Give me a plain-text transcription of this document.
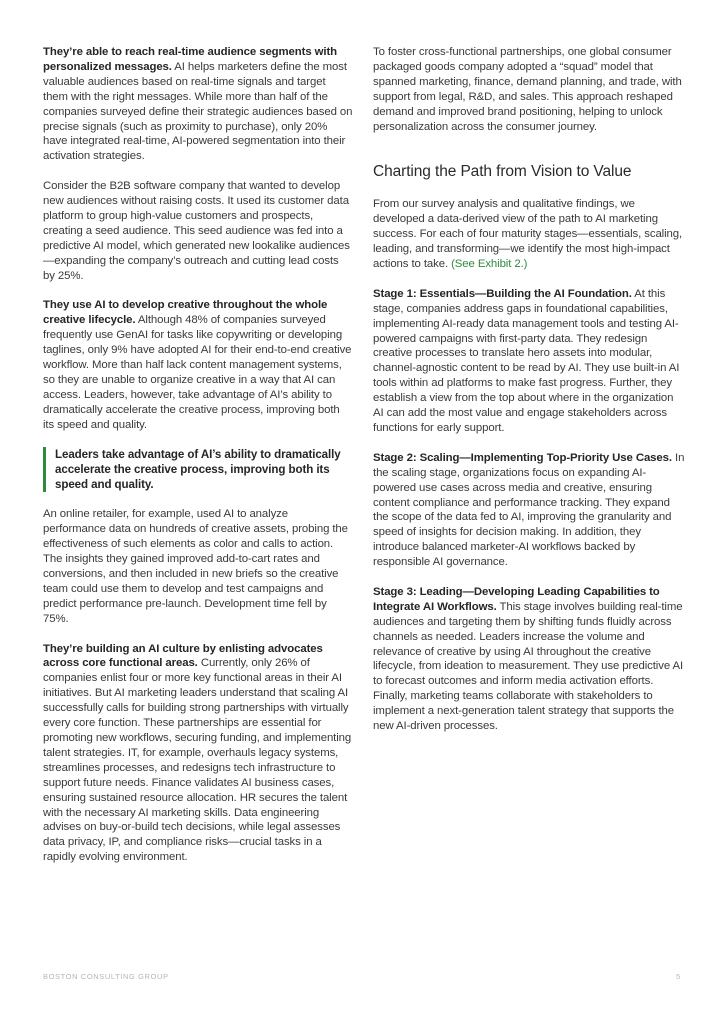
They’re able to reach real-time audience segments with personalized messages. AI helps marketers define the most valuable audiences based on real-time signals and target them with the right messages. While more than half of the companies surveyed define their strategic audiences based on precise signals (such as proximity to purchase), only 20% have integrated real-time, AI-powered segmentation into their activation strategies.

Consider the B2B software company that wanted to develop new audiences without raising costs. It used its customer data platform to group high-value customers and prospects, creating a seed audience. This seed audience was fed into a predictive AI model, which generated new lookalike audiences—expanding the company’s outreach and cutting lead costs by 25%.

They use AI to develop creative throughout the whole creative lifecycle. Although 48% of companies surveyed frequently use GenAI for tasks like copywriting or developing taglines, only 9% have adopted AI for their end-to-end creative workflow. More than half lack content management systems, so they are unable to organize creative in a way that AI can access. Leaders, however, take advantage of AI’s ability to dramatically accelerate the creative process, improving both its speed and quality.

Leaders take advantage of AI’s ability to dramatically accelerate the creative process, improving both its speed and quality.

An online retailer, for example, used AI to analyze performance data on hundreds of creative assets, probing the effectiveness of such elements as color and calls to action. The insights they gained improved add-to-cart rates and conversions, and then included in new briefs so the creative team could use them to develop and test campaigns and predict performance pre-launch. Development time fell by 75%.

They’re building an AI culture by enlisting advocates across core functional areas. Currently, only 26% of companies enlist four or more key functional areas in their AI initiatives. But AI marketing leaders understand that scaling AI successfully calls for building strong partnerships with virtually every core function. These partnerships are essential for promoting new workflows, securing funding, and implementing talent strategies. IT, for example, overhauls legacy systems, streamlines processes, and redesigns tech infrastructure to support future needs. Finance validates AI business cases, ensuring sustained resource allocation. HR secures the talent with the necessary AI marketing skills. Data engineering advises on buy-or-build tech decisions, while legal assesses data privacy, IP, and compliance risks—crucial tasks in a rapidly evolving environment.

To foster cross-functional partnerships, one global consumer packaged goods company adopted a “squad” model that spanned marketing, finance, demand planning, and trade, with support from legal, R&D, and sales. This approach reshaped demand and improved brand positioning, helping to unlock personalization across the consumer journey.

Charting the Path from Vision to Value

From our survey analysis and qualitative findings, we developed a data-derived view of the path to AI marketing success. For each of four maturity stages—essentials, scaling, leading, and transforming—we identify the most high-impact actions to take. (See Exhibit 2.)

Stage 1: Essentials—Building the AI Foundation. At this stage, companies address gaps in foundational capabilities, implementing AI-ready data management tools and testing AI-powered campaigns with first-party data. They redesign creative processes to translate hero assets into modular, channel-agnostic content to be read by AI. They use built-in AI tools within ad platforms to make fast progress. Further, they establish a view from the top about where in the organization AI can add the most value and engage stakeholders across functions for early support.

Stage 2: Scaling—Implementing Top-Priority Use Cases. In the scaling stage, organizations focus on expanding AI-powered use cases across media and creative, ensuring content compliance and performance tracking. They expand the scope of the data fed to AI, improving the granularity and speed of insights for decision making. In addition, they introduce balanced marketer-AI workflows backed by responsible AI governance.

Stage 3: Leading—Developing Leading Capabilities to Integrate AI Workflows. This stage involves building real-time audiences and targeting them by shifting funds fluidly across channels as needed. Leaders increase the volume and relevance of creative by using AI throughout the creative lifecycle, from ideation to measurement. They use predictive AI to forecast outcomes and inform media activation efforts. Finally, marketing teams collaborate with stakeholders to implement a next-generation talent strategy that supports the new AI-driven processes.

BOSTON CONSULTING GROUP	5
